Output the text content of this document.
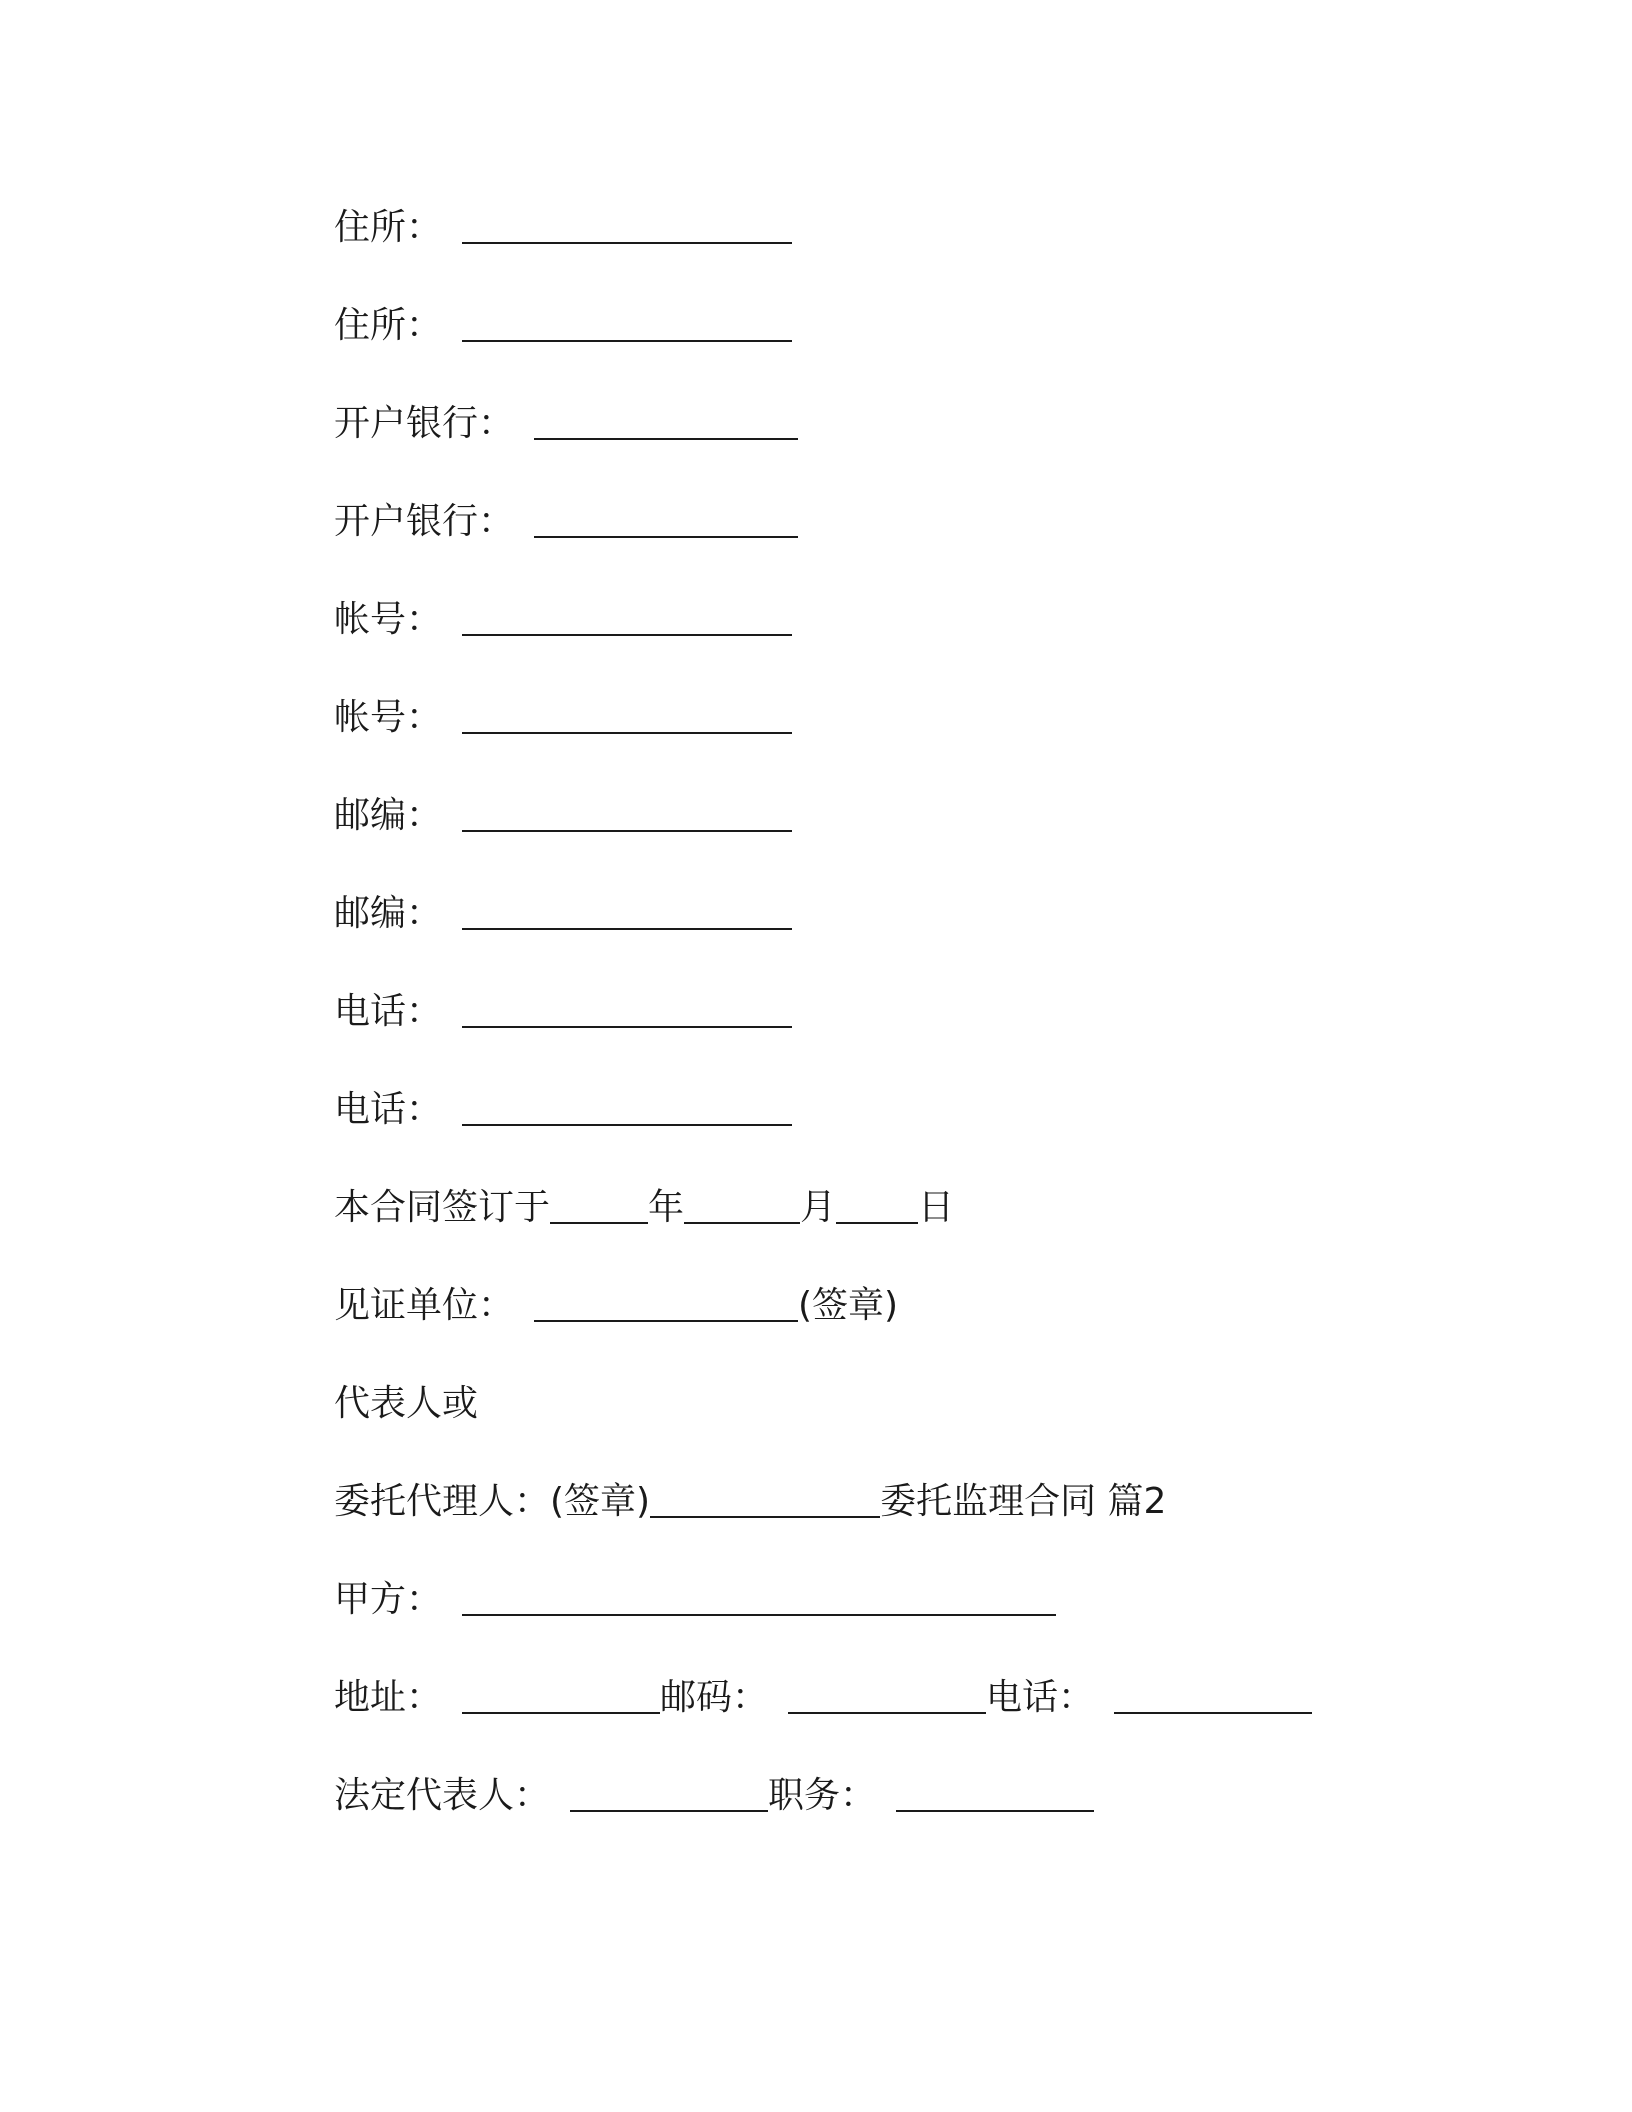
住所：
住所：
开户银行：
开户银行：
帐号：
帐号：
邮编：
邮编：
电话：
电话：
本合同签订于	年	月 日
见证单位：	(签章)
代表人或
委托代理人：(签章)	委托监理合同 篇2
甲方：
地址：	邮码：	电话：
法定代表人：	职务：
